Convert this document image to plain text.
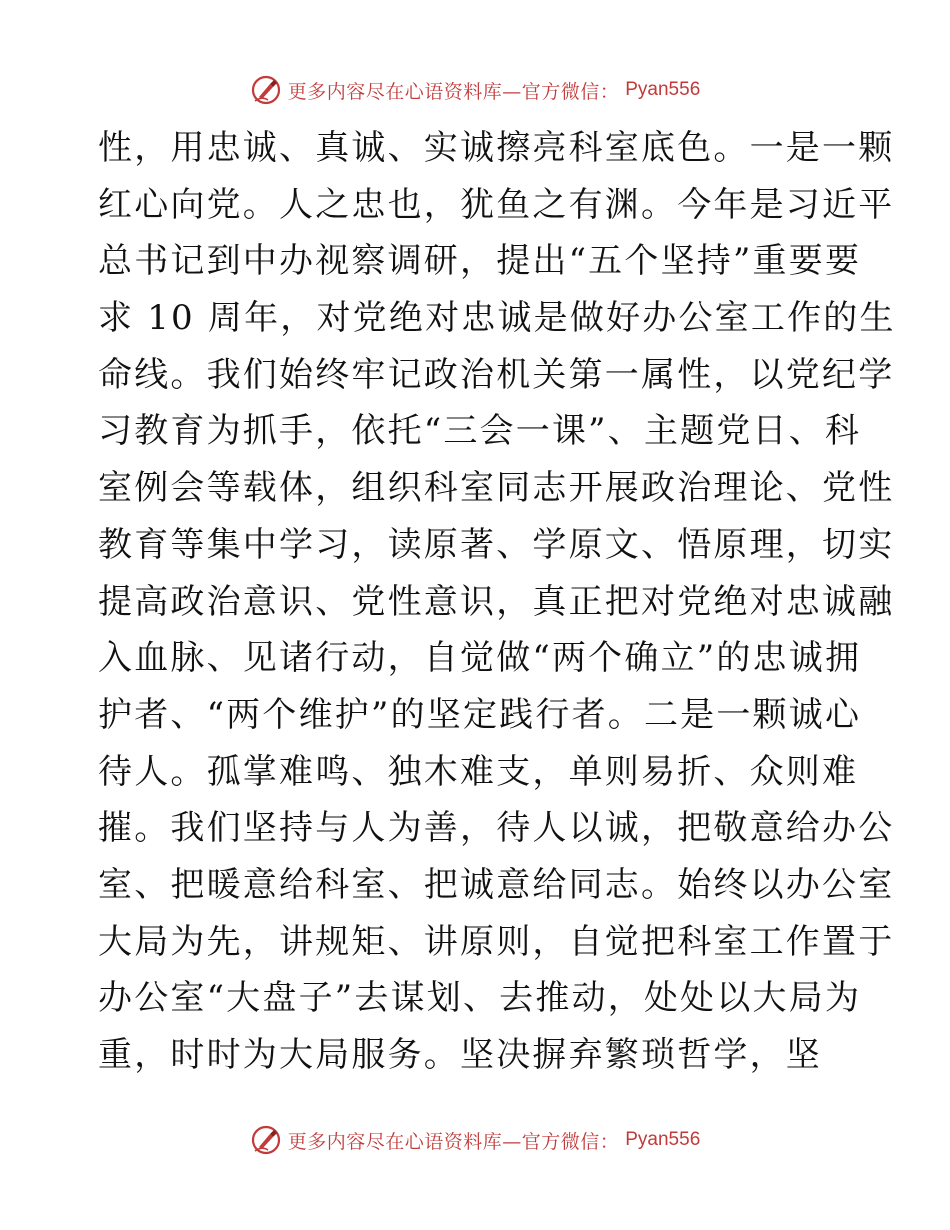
更多内容尽在心语资料库—官方微信： Pyan556
性，用忠诚、真诚、实诚擦亮科室底色。一是一颗
红心向党。人之忠也，犹鱼之有渊。今年是习近平
总书记到中办视察调研，提出“五个坚持”重要要
求 10 周年，对党绝对忠诚是做好办公室工作的生
命线。我们始终牢记政治机关第一属性，以党纪学
习教育为抓手，依托“三会一课”、主题党日、科
室例会等载体，组织科室同志开展政治理论、党性
教育等集中学习，读原著、学原文、悟原理，切实
提高政治意识、党性意识，真正把对党绝对忠诚融
入血脉、见诸行动，自觉做“两个确立”的忠诚拥
护者、“两个维护”的坚定践行者。二是一颗诚心
待人。孤掌难鸣、独木难支，单则易折、众则难
摧。我们坚持与人为善，待人以诚，把敬意给办公
室、把暖意给科室、把诚意给同志。始终以办公室
大局为先，讲规矩、讲原则，自觉把科室工作置于
办公室“大盘子”去谋划、去推动，处处以大局为
重，时时为大局服务。坚决摒弃繁琐哲学，坚
更多内容尽在心语资料库—官方微信： Pyan556
